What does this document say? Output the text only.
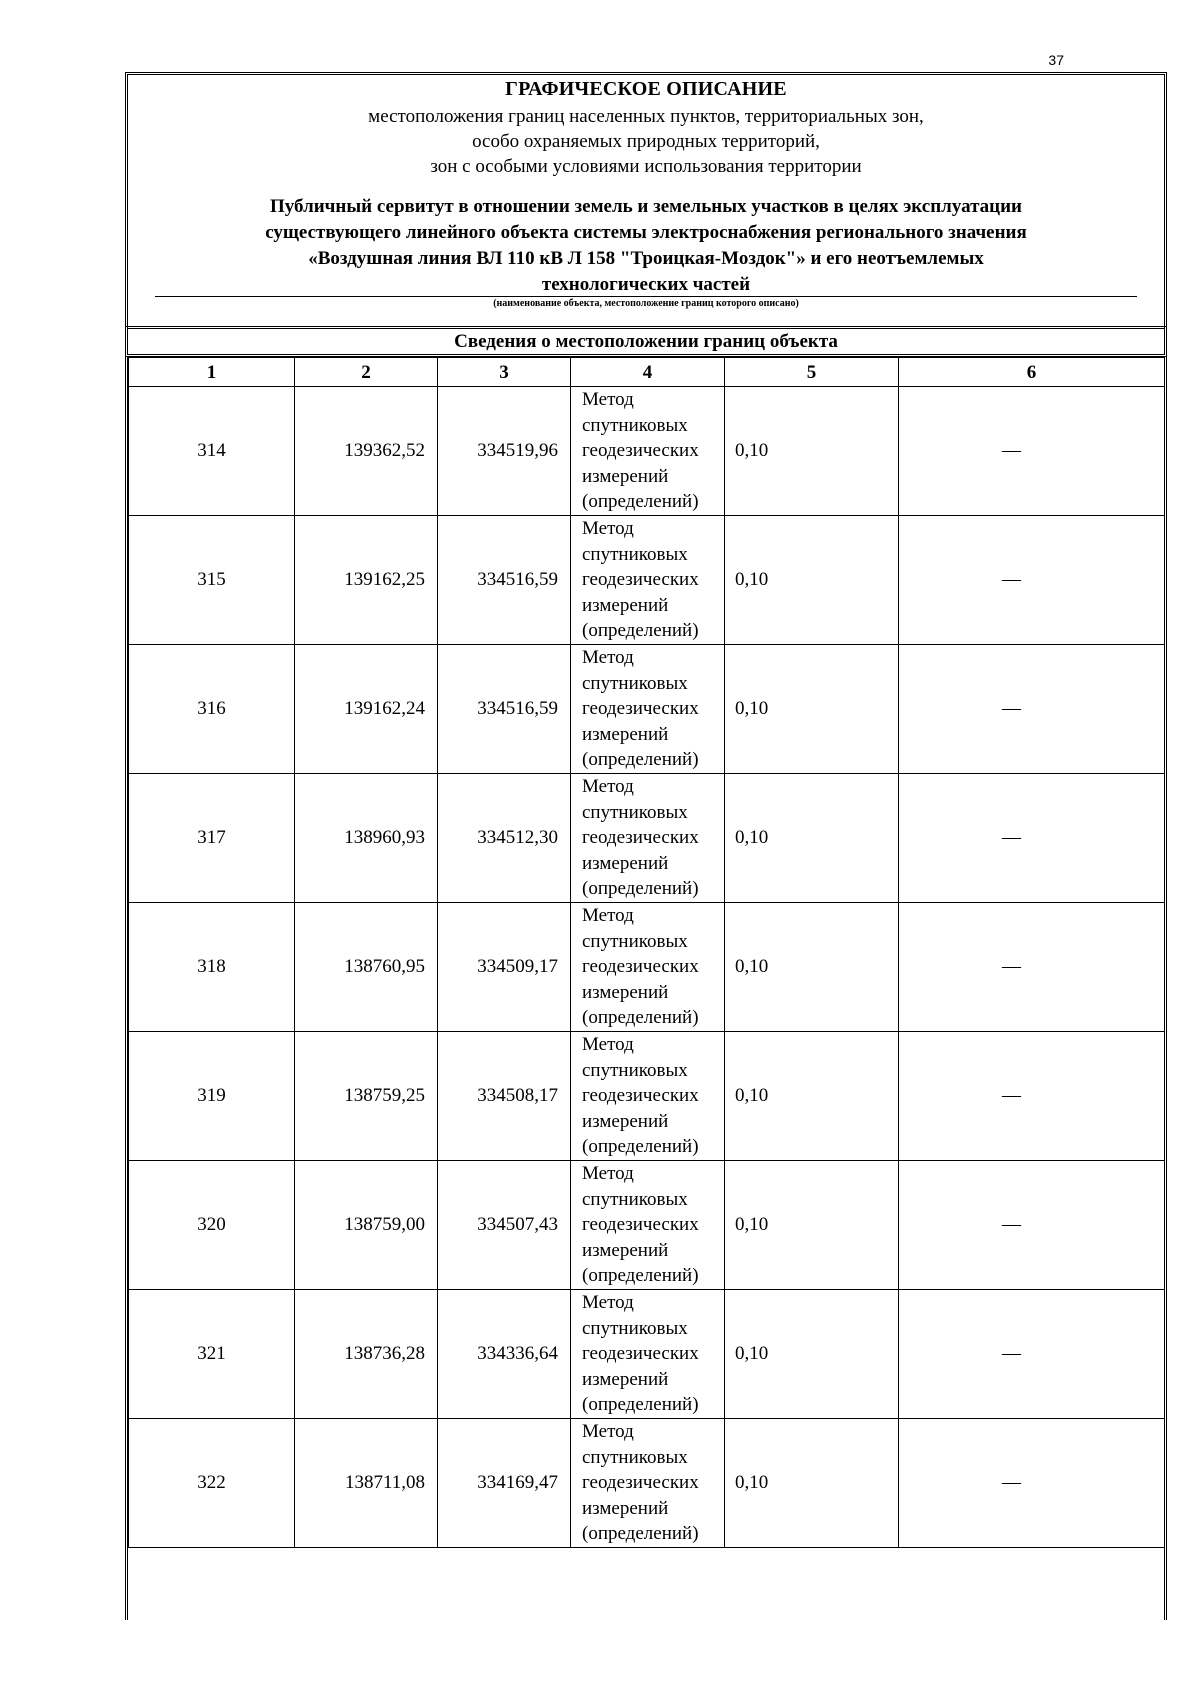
37
ГРАФИЧЕСКОЕ ОПИСАНИЕ
местоположения границ населенных пунктов, территориальных зон,
особо охраняемых природных территорий,
зон с особыми условиями использования территории
Публичный сервитут в отношении земель и земельных участков в целях эксплуатации
существующего линейного объекта системы электроснабжения регионального значения
«Воздушная линия ВЛ 110 кВ Л 158 "Троицкая-Моздок"» и его неотъемлемых
технологических частей
(наименование объекта, местоположение границ которого описано)
Сведения о местоположении границ объекта
1	2	3	4	5	6
314	139362,52	334519,96	Метод спутниковых геодезических измерений (определений)	0,10	—
315	139162,25	334516,59	Метод спутниковых геодезических измерений (определений)	0,10	—
316	139162,24	334516,59	Метод спутниковых геодезических измерений (определений)	0,10	—
317	138960,93	334512,30	Метод спутниковых геодезических измерений (определений)	0,10	—
318	138760,95	334509,17	Метод спутниковых геодезических измерений (определений)	0,10	—
319	138759,25	334508,17	Метод спутниковых геодезических измерений (определений)	0,10	—
320	138759,00	334507,43	Метод спутниковых геодезических измерений (определений)	0,10	—
321	138736,28	334336,64	Метод спутниковых геодезических измерений (определений)	0,10	—
322	138711,08	334169,47	Метод спутниковых геодезических измерений (определений)	0,10	—
